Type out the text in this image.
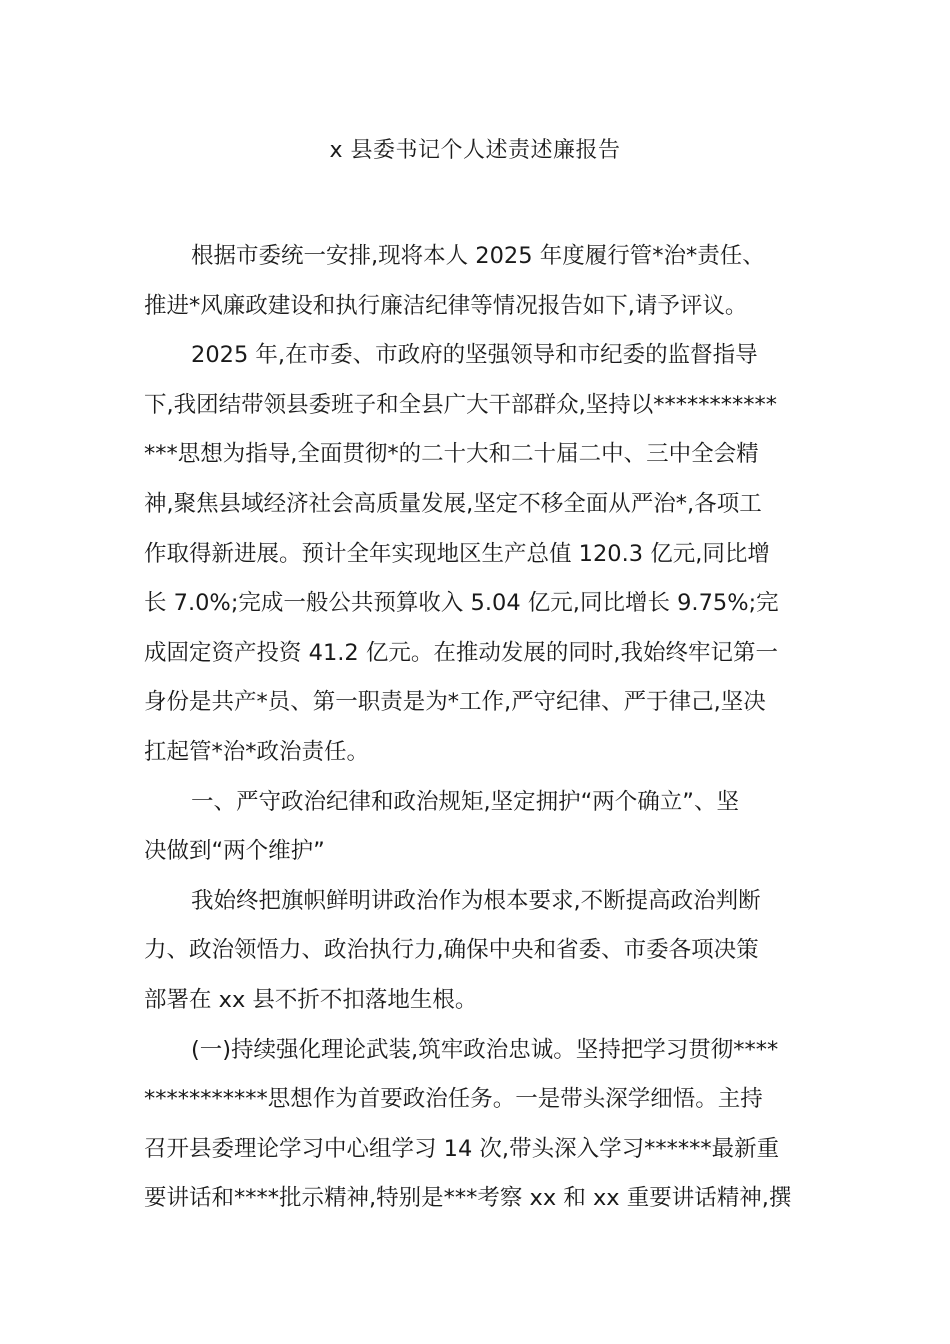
x 县委书记个人述责述廉报告
根据市委统一安排,现将本人 2025 年度履行管*治*责任、
推进*风廉政建设和执行廉洁纪律等情况报告如下,请予评议。
2025 年,在市委、市政府的坚强领导和市纪委的监督指导
下,我团结带领县委班子和全县广大干部群众,坚持以***********
***思想为指导,全面贯彻*的二十大和二十届二中、三中全会精
神,聚焦县域经济社会高质量发展,坚定不移全面从严治*,各项工
作取得新进展。预计全年实现地区生产总值 120.3 亿元,同比增
长 7.0%;完成一般公共预算收入 5.04 亿元,同比增长 9.75%;完
成固定资产投资 41.2 亿元。在推动发展的同时,我始终牢记第一
身份是共产*员、第一职责是为*工作,严守纪律、严于律己,坚决
扛起管*治*政治责任。
一、严守政治纪律和政治规矩,坚定拥护“两个确立”、坚
决做到“两个维护”
我始终把旗帜鲜明讲政治作为根本要求,不断提高政治判断
力、政治领悟力、政治执行力,确保中央和省委、市委各项决策
部署在 xx 县不折不扣落地生根。
(一)持续强化理论武装,筑牢政治忠诚。坚持把学习贯彻****
***********思想作为首要政治任务。一是带头深学细悟。主持
召开县委理论学习中心组学习 14 次,带头深入学习******最新重
要讲话和****批示精神,特别是***考察 xx 和 xx 重要讲话精神,撰
